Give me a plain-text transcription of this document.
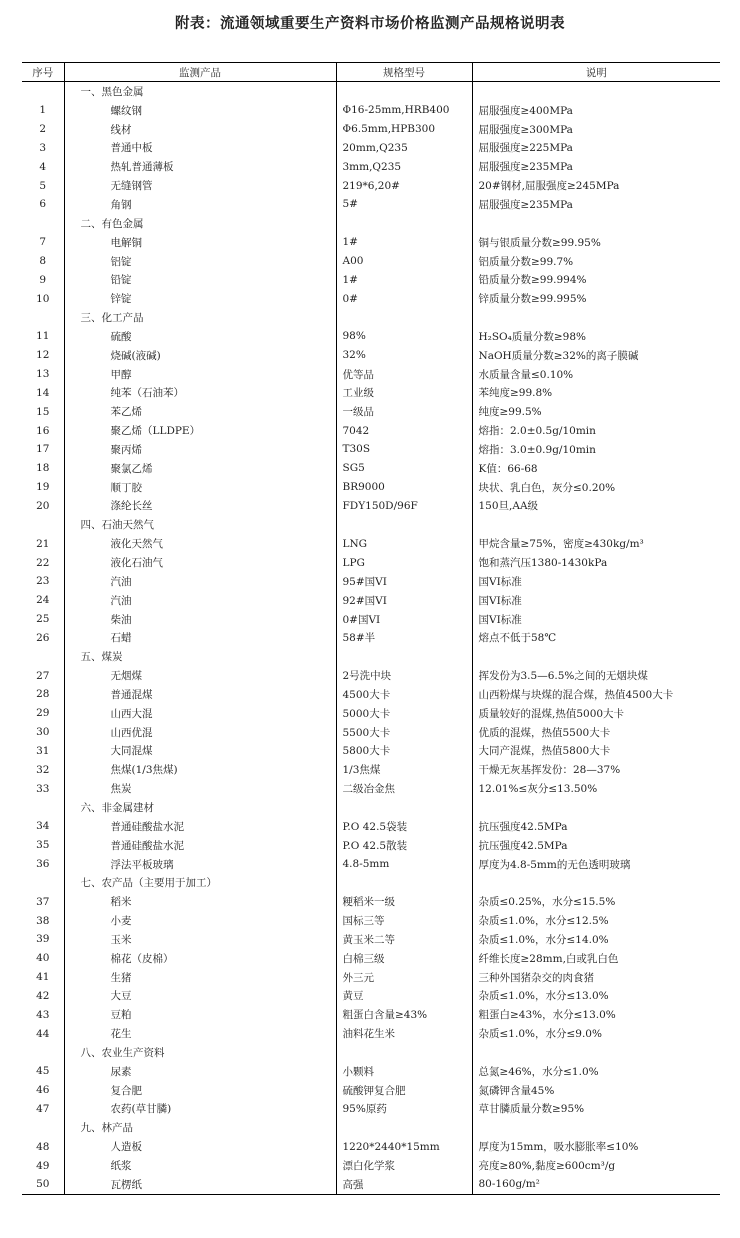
附表：流通领域重要生产资料市场价格监测产品规格说明表
序号	监测产品	规格型号	说明
	一、黑色金属		
1	螺纹钢	Φ16-25mm,HRB400	屈服强度≥400MPa
2	线材	Φ6.5mm,HPB300	屈服强度≥300MPa
3	普通中板	20mm,Q235	屈服强度≥225MPa
4	热轧普通薄板	3mm,Q235	屈服强度≥235MPa
5	无缝钢管	219*6,20#	20#钢材,屈服强度≥245MPa
6	角钢	5#	屈服强度≥235MPa
	二、有色金属		
7	电解铜	1#	铜与银质量分数≥99.95%
8	铝锭	A00	铝质量分数≥99.7%
9	铅锭	1#	铅质量分数≥99.994%
10	锌锭	0#	锌质量分数≥99.995%
	三、化工产品		
11	硫酸	98%	H₂SO₄质量分数≥98%
12	烧碱(液碱)	32%	NaOH质量分数≥32%的离子膜碱
13	甲醇	优等品	水质量含量≤0.10%
14	纯苯（石油苯）	工业级	苯纯度≥99.8%
15	苯乙烯	一级品	纯度≥99.5%
16	聚乙烯（LLDPE）	7042	熔指：2.0±0.5g/10min
17	聚丙烯	T30S	熔指：3.0±0.9g/10min
18	聚氯乙烯	SG5	K值：66-68
19	顺丁胶	BR9000	块状、乳白色，灰分≤0.20%
20	涤纶长丝	FDY150D/96F	150旦,AA级
	四、石油天然气		
21	液化天然气	LNG	甲烷含量≥75%，密度≥430kg/m³
22	液化石油气	LPG	饱和蒸汽压1380-1430kPa
23	汽油	95#国VI	国VI标准
24	汽油	92#国VI	国VI标准
25	柴油	0#国VI	国VI标准
26	石蜡	58#半	熔点不低于58℃
	五、煤炭		
27	无烟煤	2号洗中块	挥发份为3.5—6.5%之间的无烟块煤
28	普通混煤	4500大卡	山西粉煤与块煤的混合煤，热值4500大卡
29	山西大混	5000大卡	质量较好的混煤,热值5000大卡
30	山西优混	5500大卡	优质的混煤，热值5500大卡
31	大同混煤	5800大卡	大同产混煤，热值5800大卡
32	焦煤(1/3焦煤)	1/3焦煤	干燥无灰基挥发份：28—37%
33	焦炭	二级冶金焦	12.01%≤灰分≤13.50%
	六、非金属建材		
34	普通硅酸盐水泥	P.O 42.5袋装	抗压强度42.5MPa
35	普通硅酸盐水泥	P.O 42.5散装	抗压强度42.5MPa
36	浮法平板玻璃	4.8-5mm	厚度为4.8-5mm的无色透明玻璃
	七、农产品（主要用于加工）		
37	稻米	粳稻米一级	杂质≤0.25%，水分≤15.5%
38	小麦	国标三等	杂质≤1.0%，水分≤12.5%
39	玉米	黄玉米二等	杂质≤1.0%，水分≤14.0%
40	棉花（皮棉）	白棉三级	纤维长度≥28mm,白或乳白色
41	生猪	外三元	三种外国猪杂交的肉食猪
42	大豆	黄豆	杂质≤1.0%，水分≤13.0%
43	豆粕	粗蛋白含量≥43%	粗蛋白≥43%，水分≤13.0%
44	花生	油料花生米	杂质≤1.0%，水分≤9.0%
	八、农业生产资料		
45	尿素	小颗料	总氮≥46%，水分≤1.0%
46	复合肥	硫酸钾复合肥	氮磷钾含量45%
47	农药(草甘膦)	95%原药	草甘膦质量分数≥95%
	九、林产品		
48	人造板	1220*2440*15mm	厚度为15mm，吸水膨胀率≤10%
49	纸浆	漂白化学浆	亮度≥80%,黏度≥600cm³/g
50	瓦楞纸	高强	80-160g/m²
